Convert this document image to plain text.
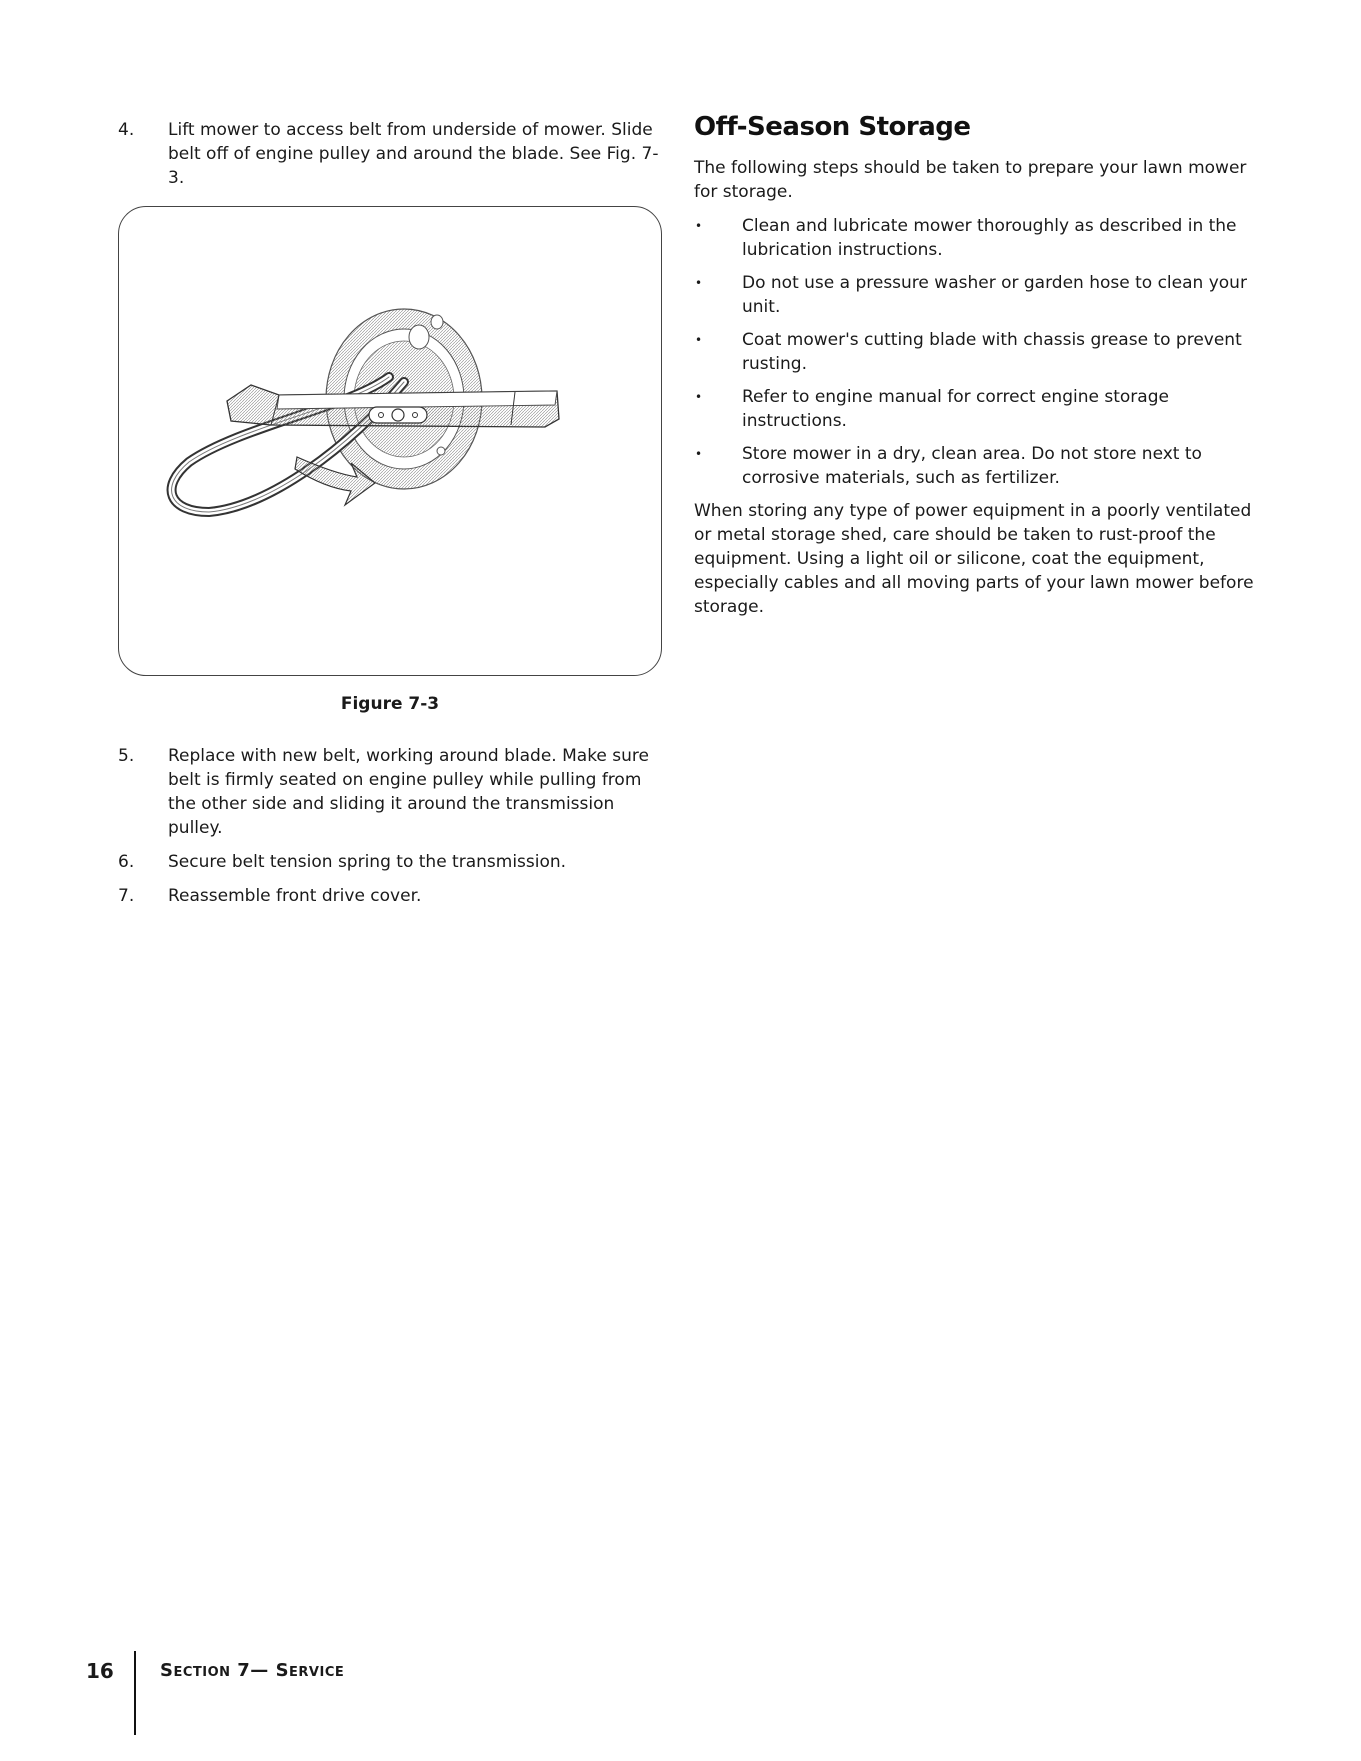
4. Lift mower to access belt from underside of mower. Slide belt off of engine pulley and around the blade. See Fig. 7-3.
Figure 7-3
5. Replace with new belt, working around blade. Make sure belt is firmly seated on engine pulley while pulling from the other side and sliding it around the transmission pulley.
6. Secure belt tension spring to the transmission.
7. Reassemble front drive cover.
Off-Season Storage

The following steps should be taken to prepare your lawn mower for storage.

• Clean and lubricate mower thoroughly as described in the lubrication instructions.
• Do not use a pressure washer or garden hose to clean your unit.
• Coat mower's cutting blade with chassis grease to prevent rusting.
• Refer to engine manual for correct engine storage instructions.
• Store mower in a dry, clean area. Do not store next to corrosive materials, such as fertilizer.

When storing any type of power equipment in a poorly ventilated or metal storage shed, care should be taken to rust-proof the equipment. Using a light oil or silicone, coat the equipment, especially cables and all moving parts of your lawn mower before storage.

16	Section 7— Service
